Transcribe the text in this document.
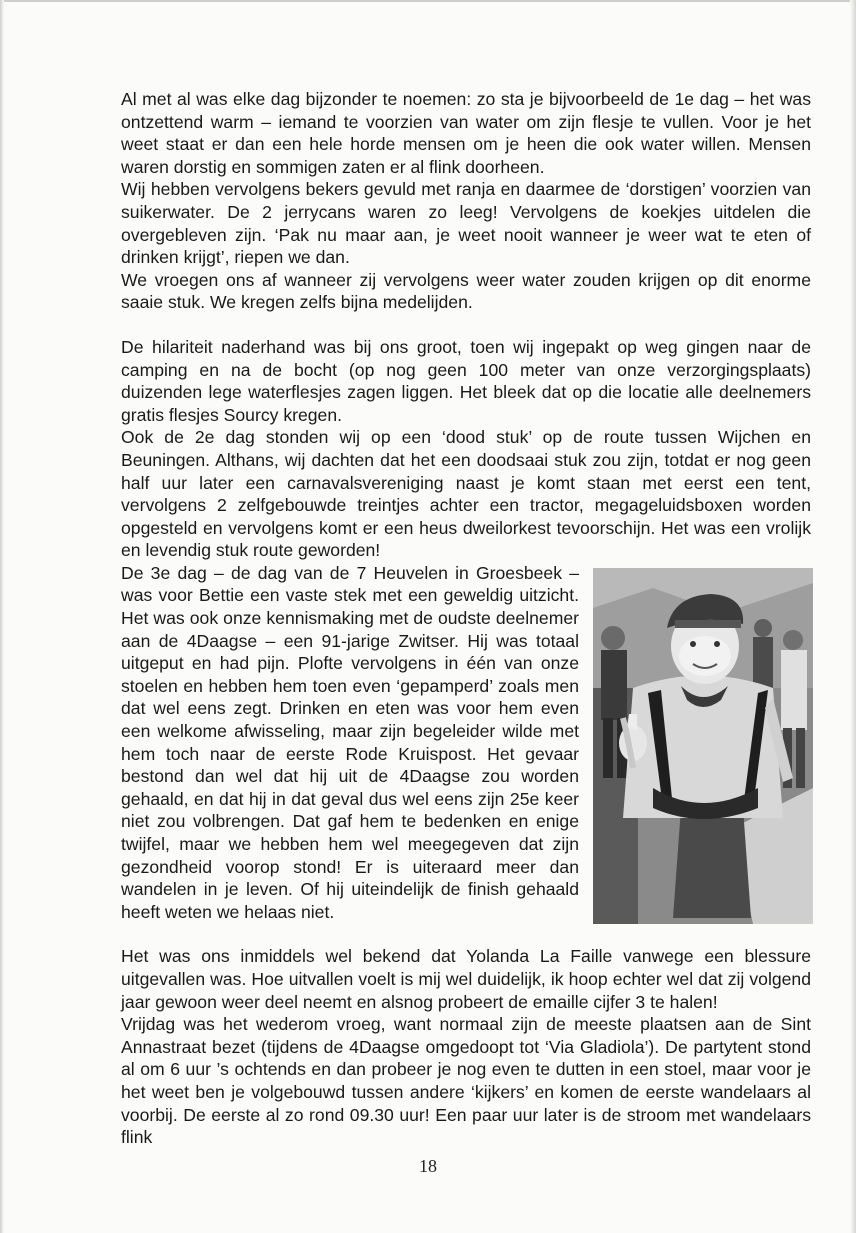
Al met al was elke dag bijzonder te noemen: zo sta je bijvoorbeeld de 1e dag – het was ontzettend warm – iemand te voorzien van water om zijn flesje te vullen. Voor je het weet staat er dan een hele horde mensen om je heen die ook water willen. Mensen waren dorstig en sommigen zaten er al flink doorheen.

Wij hebben vervolgens bekers gevuld met ranja en daarmee de ‘dorstigen’ voorzien van suikerwater. De 2 jerrycans waren zo leeg! Vervolgens de koekjes uitdelen die overgebleven zijn. ‘Pak nu maar aan, je weet nooit wanneer je weer wat te eten of drinken krijgt’, riepen we dan.

We vroegen ons af wanneer zij vervolgens weer water zouden krijgen op dit enorme saaie stuk. We kregen zelfs bijna medelijden.

De hilariteit naderhand was bij ons groot, toen wij ingepakt op weg gingen naar de camping en na de bocht (op nog geen 100 meter van onze verzorgingsplaats) duizenden lege waterflesjes zagen liggen. Het bleek dat op die locatie alle deelnemers gratis flesjes Sourcy kregen.

Ook de 2e dag stonden wij op een ‘dood stuk’ op de route tussen Wijchen en Beuningen. Althans, wij dachten dat het een doodsaai stuk zou zijn, totdat er nog geen half uur later een carnavalsvereniging naast je komt staan met eerst een tent, vervolgens 2 zelfgebouwde treintjes achter een tractor, megageluidsboxen worden opgesteld en vervolgens komt er een heus dweilorkest tevoorschijn. Het was een vrolijk en levendig stuk route geworden!

De 3e dag – de dag van de 7 Heuvelen in Groesbeek – was voor Bettie een vaste stek met een geweldig uitzicht. Het was ook onze kennismaking met de oudste deelnemer aan de 4Daagse – een 91-jarige Zwitser. Hij was totaal uitgeput en had pijn. Plofte vervolgens in één van onze stoelen en hebben hem toen even ‘gepamperd’ zoals men dat wel eens zegt. Drinken en eten was voor hem even een welkome afwisseling, maar zijn begeleider wilde met hem toch naar de eerste Rode Kruispost. Het gevaar bestond dan wel dat hij uit de 4Daagse zou worden gehaald, en dat hij in dat geval dus wel eens zijn 25e keer niet zou volbrengen. Dat gaf hem te bedenken en enige twijfel, maar we hebben hem wel meegegeven dat zijn gezondheid voorop stond! Er is uiteraard meer dan wandelen in je leven. Of hij uiteindelijk de finish gehaald heeft weten we helaas niet.

Het was ons inmiddels wel bekend dat Yolanda La Faille vanwege een blessure uitgevallen was. Hoe uitvallen voelt is mij wel duidelijk, ik hoop echter wel dat zij volgend jaar gewoon weer deel neemt en alsnog probeert de emaille cijfer 3 te halen!

Vrijdag was het wederom vroeg, want normaal zijn de meeste plaatsen aan de Sint Annastraat bezet (tijdens de 4Daagse omgedoopt tot ‘Via Gladiola’). De partytent stond al om 6 uur ’s ochtends en dan probeer je nog even te dutten in een stoel, maar voor je het weet ben je volgebouwd tussen andere ‘kijkers’ en komen de eerste wandelaars al voorbij. De eerste al zo rond 09.30 uur! Een paar uur later is de stroom met wandelaars flink

18
